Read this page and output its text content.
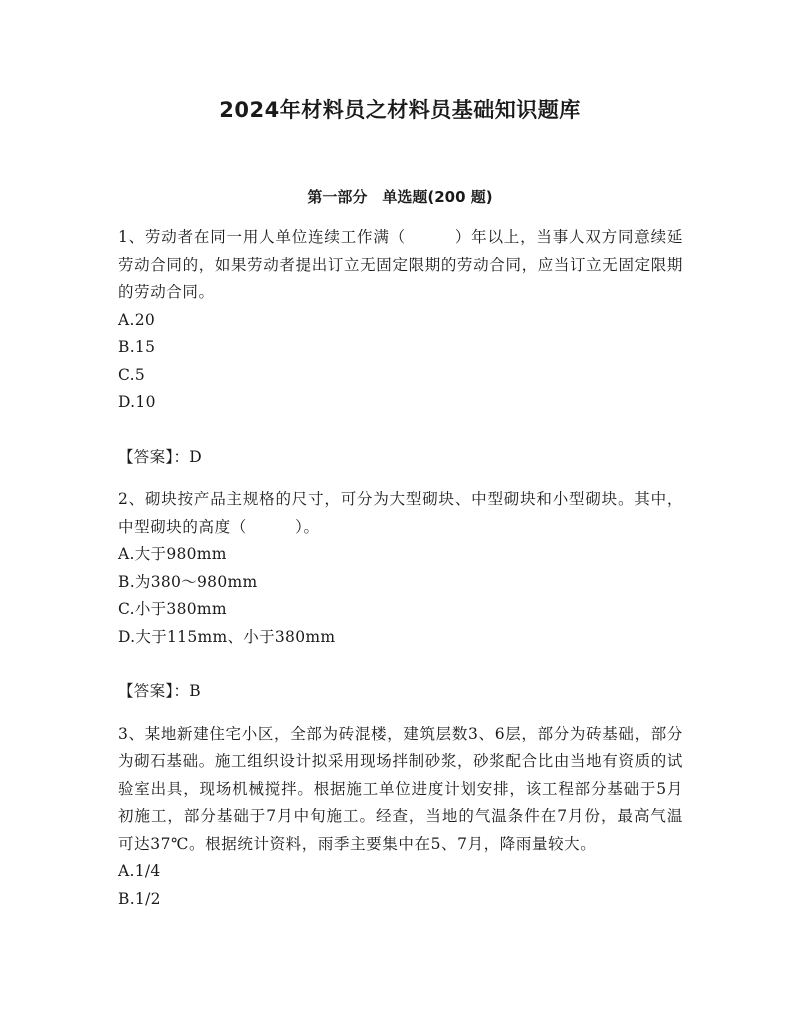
2024年材料员之材料员基础知识题库
第一部分　单选题(200 题)

1、劳动者在同一用人单位连续工作满（　　　）年以上，当事人双方同意续延劳动合同的，如果劳动者提出订立无固定限期的劳动合同，应当订立无固定限期的劳动合同。

A.20

B.15

C.5

D.10

【答案】：D

2、砌块按产品主规格的尺寸，可分为大型砌块、中型砌块和小型砌块。其中，中型砌块的高度（　　　）。

A.大于980mm

B.为380～980mm

C.小于380mm

D.大于115mm、小于380mm

【答案】：B

3、某地新建住宅小区，全部为砖混楼，建筑层数3、6层，部分为砖基础，部分为砌石基础。施工组织设计拟采用现场拌制砂浆，砂浆配合比由当地有资质的试验室出具，现场机械搅拌。根据施工单位进度计划安排，该工程部分基础于5月初施工，部分基础于7月中旬施工。经查，当地的气温条件在7月份，最高气温可达37℃。根据统计资料，雨季主要集中在5、7月，降雨量较大。

A.1/4

B.1/2
